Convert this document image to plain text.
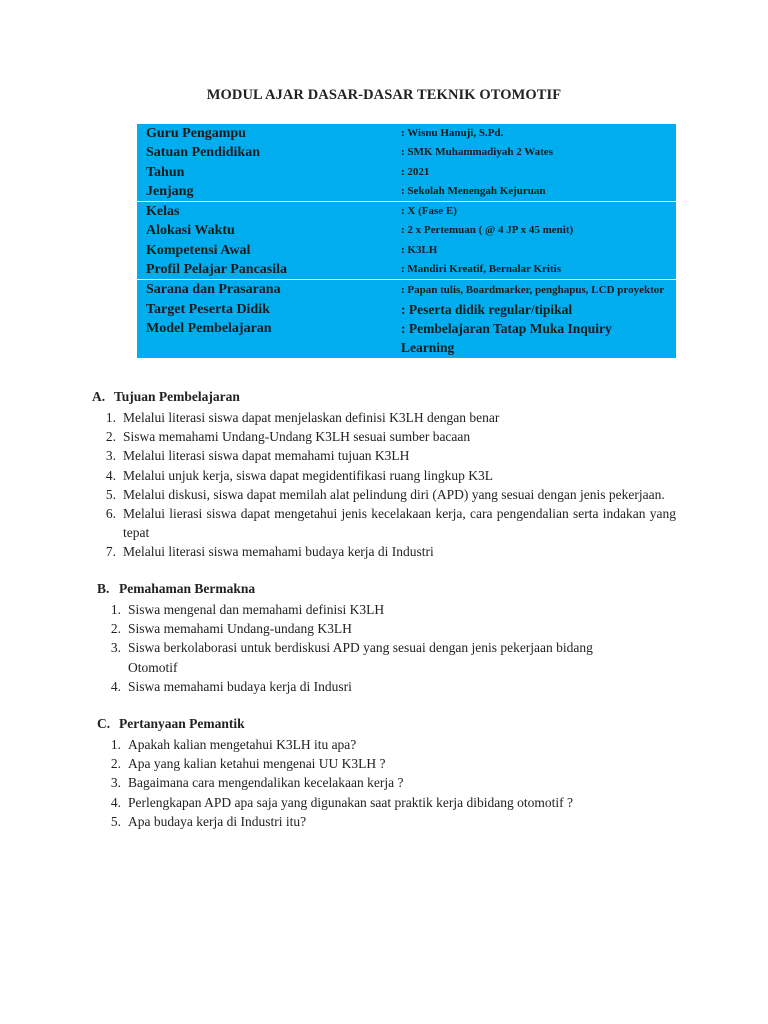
MODUL AJAR DASAR-DASAR TEKNIK OTOMOTIF
Guru Pengampu	: Wisnu Hanuji, S.Pd.
Satuan Pendidikan	: SMK Muhammadiyah 2 Wates
Tahun	: 2021
Jenjang	: Sekolah Menengah Kejuruan
Kelas	: X (Fase E)
Alokasi Waktu	: 2 x Pertemuan ( @ 4 JP x 45 menit)
Kompetensi Awal	: K3LH
Profil Pelajar Pancasila	: Mandiri Kreatif, Bernalar Kritis
Sarana dan Prasarana	: Papan tulis, Boardmarker, penghapus, LCD proyektor
Target Peserta Didik	: Peserta didik regular/tipikal
Model Pembelajaran	: Pembelajaran Tatap Muka Inquiry Learning
A. Tujuan Pembelajaran
1. Melalui literasi siswa dapat menjelaskan definisi K3LH dengan benar
2. Siswa memahami Undang-Undang K3LH sesuai sumber bacaan
3. Melalui literasi siswa dapat memahami tujuan K3LH
4. Melalui unjuk kerja, siswa dapat megidentifikasi ruang lingkup K3L
5. Melalui diskusi, siswa dapat memilah alat pelindung diri (APD) yang sesuai dengan jenis pekerjaan.
6. Melalui lierasi siswa dapat mengetahui jenis kecelakaan kerja, cara pengendalian serta indakan yang tepat
7. Melalui literasi siswa memahami budaya kerja di Industri
B. Pemahaman Bermakna
1. Siswa mengenal dan memahami definisi K3LH
2. Siswa memahami Undang-undang K3LH
3. Siswa berkolaborasi untuk berdiskusi APD yang sesuai dengan jenis pekerjaan bidang Otomotif
4. Siswa memahami budaya kerja di Indusri
C. Pertanyaan Pemantik
1. Apakah kalian mengetahui K3LH itu apa?
2. Apa yang kalian ketahui mengenai UU K3LH ?
3. Bagaimana cara mengendalikan kecelakaan kerja ?
4. Perlengkapan APD apa saja yang digunakan saat praktik kerja dibidang otomotif ?
5. Apa budaya kerja di Industri itu?
